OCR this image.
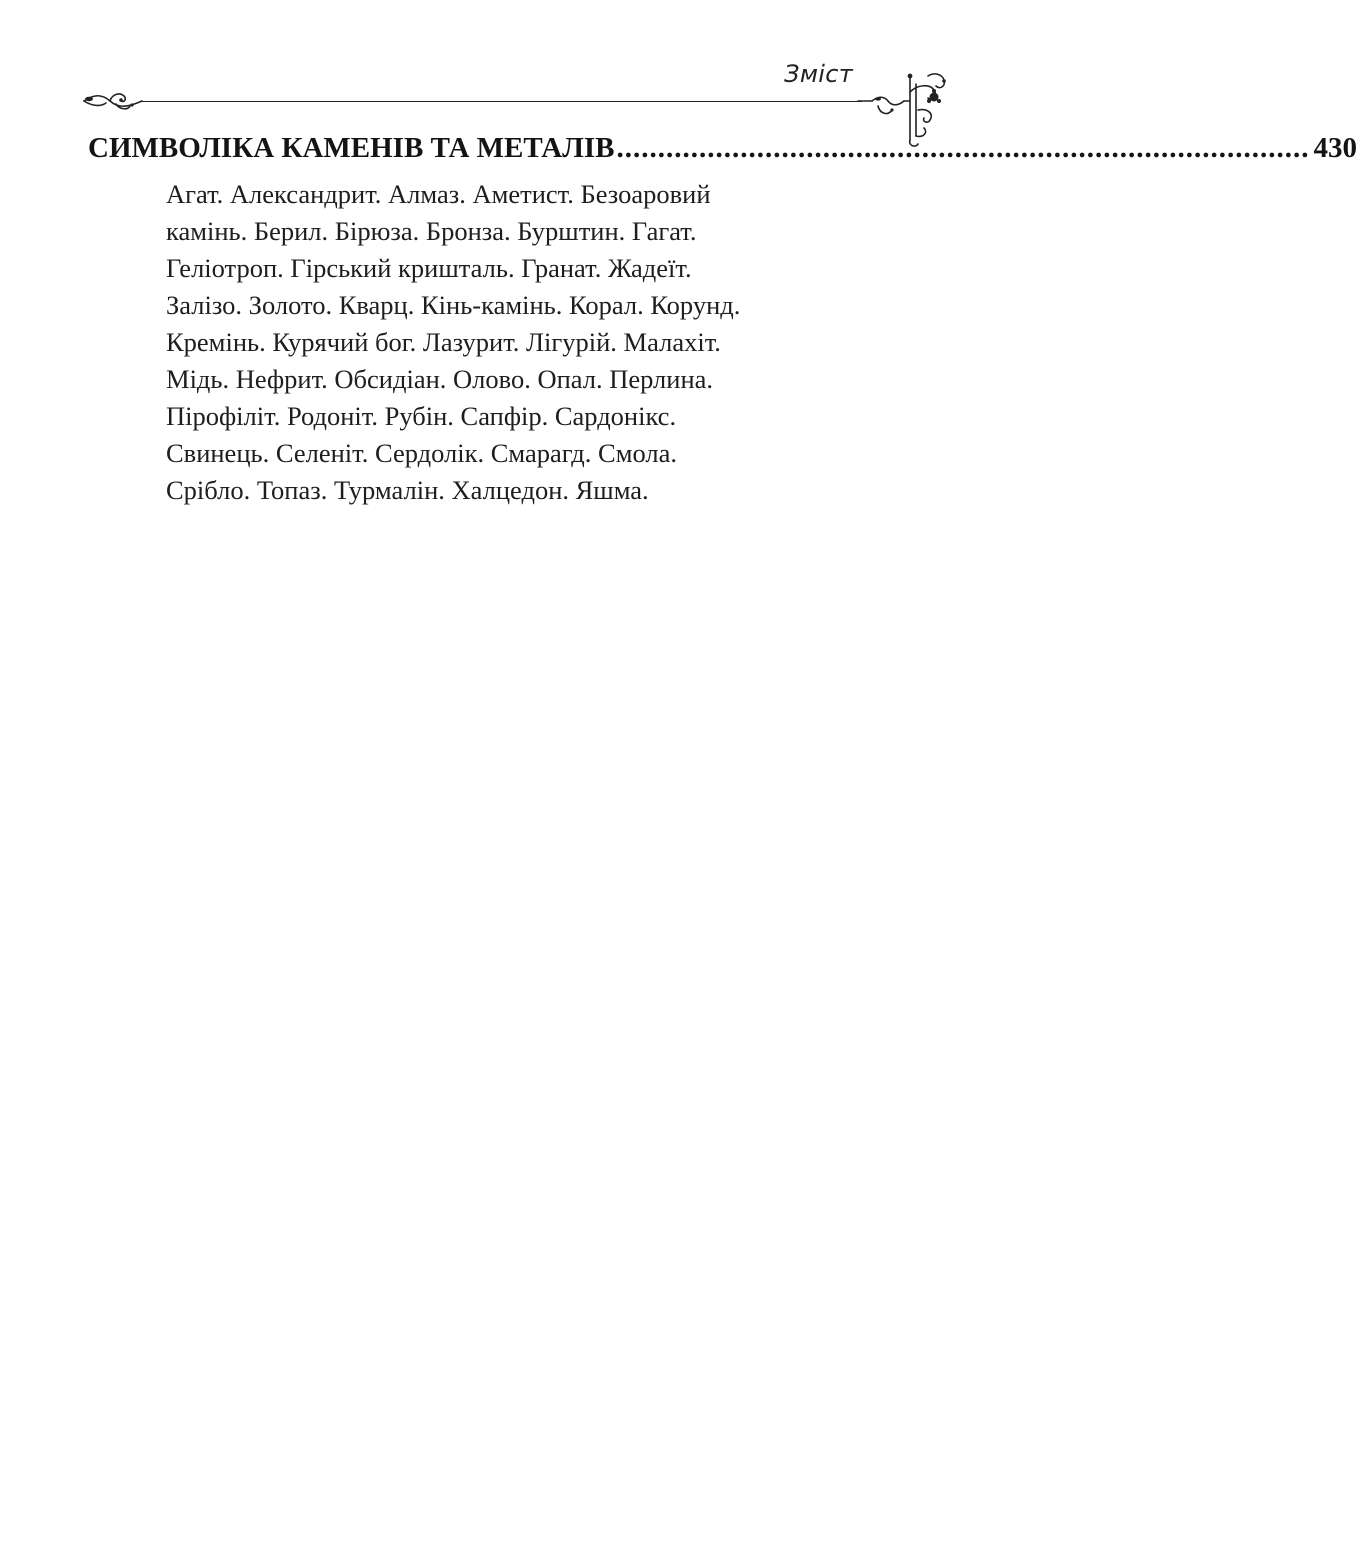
Зміст
СИМВОЛІКА КАМЕНІВ ТА МЕТАЛІВ .................................................................................... 430
Агат. Александрит. Алмаз. Аметист. Безоаровий
камінь. Берил. Бірюза. Бронза. Бурштин. Гагат.
Геліотроп. Гірський кришталь. Гранат. Жадеїт.
Залізо. Золото. Кварц. Кінь-камінь. Корал. Корунд.
Кремінь. Курячий бог. Лазурит. Лігурій. Малахіт.
Мідь. Нефрит. Обсидіан. Олово. Опал. Перлина.
Пірофіліт. Родоніт. Рубін. Сапфір. Сардонікс.
Свинець. Селеніт. Сердолік. Смарагд. Смола.
Срібло. Топаз. Турмалін. Халцедон. Яшма.
